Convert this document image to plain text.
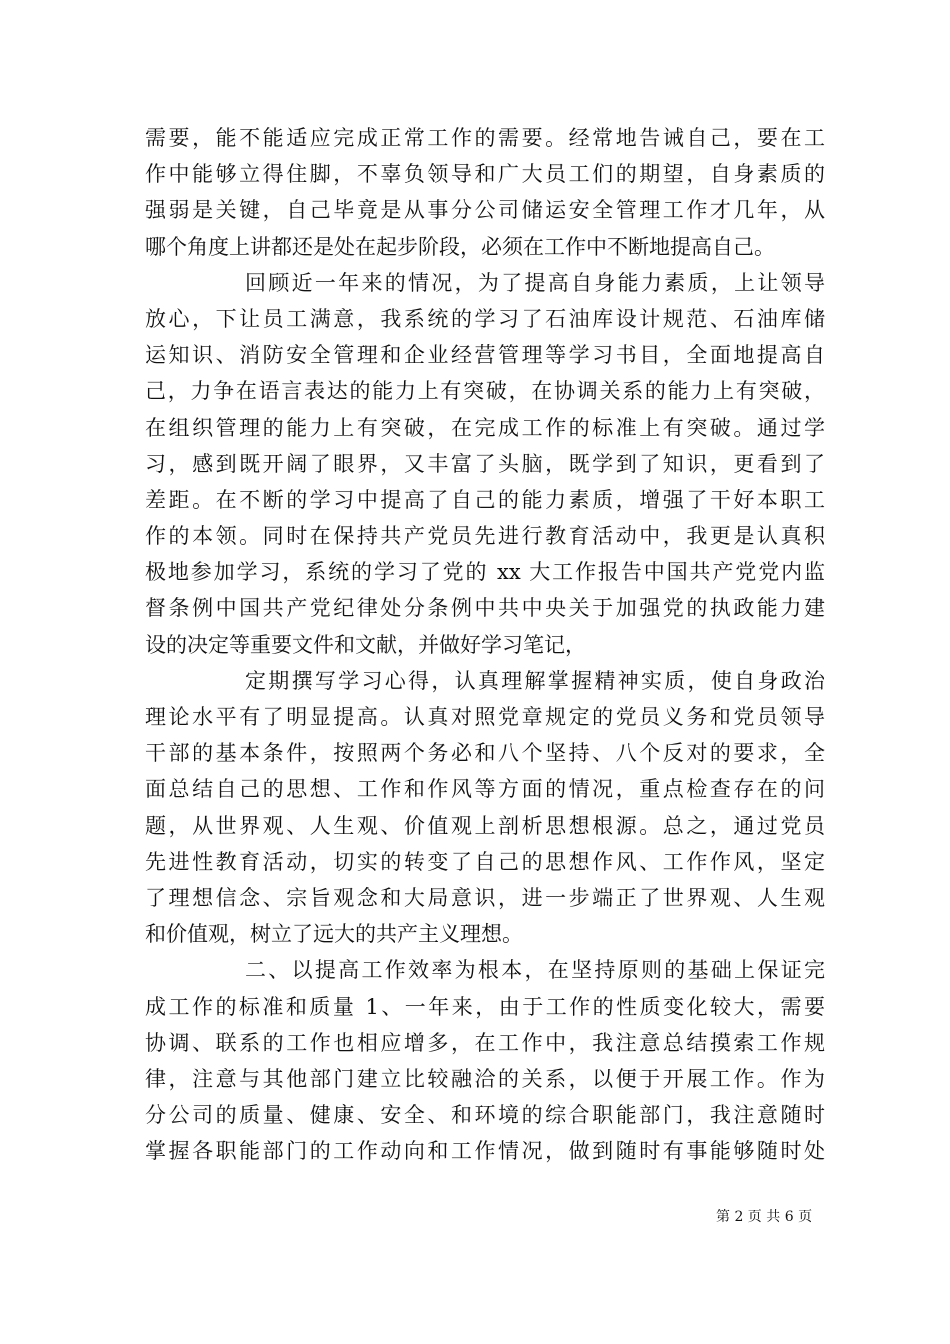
需要，能不能适应完成正常工作的需要。经常地告诫自己，要在工
作中能够立得住脚，不辜负领导和广大员工们的期望，自身素质的
强弱是关键，自己毕竟是从事分公司储运安全管理工作才几年，从
哪个角度上讲都还是处在起步阶段，必须在工作中不断地提高自己。
回顾近一年来的情况，为了提高自身能力素质，上让领导
放心，下让员工满意，我系统的学习了石油库设计规范、石油库储
运知识、消防安全管理和企业经营管理等学习书目，全面地提高自
己，力争在语言表达的能力上有突破，在协调关系的能力上有突破，
在组织管理的能力上有突破，在完成工作的标准上有突破。通过学
习，感到既开阔了眼界，又丰富了头脑，既学到了知识，更看到了
差距。在不断的学习中提高了自己的能力素质，增强了干好本职工
作的本领。同时在保持共产党员先进行教育活动中，我更是认真积
极地参加学习，系统的学习了党的 xx 大工作报告中国共产党党内监
督条例中国共产党纪律处分条例中共中央关于加强党的执政能力建
设的决定等重要文件和文献，并做好学习笔记，
定期撰写学习心得，认真理解掌握精神实质，使自身政治
理论水平有了明显提高。认真对照党章规定的党员义务和党员领导
干部的基本条件，按照两个务必和八个坚持、八个反对的要求，全
面总结自己的思想、工作和作风等方面的情况，重点检查存在的问
题，从世界观、人生观、价值观上剖析思想根源。总之，通过党员
先进性教育活动，切实的转变了自己的思想作风、工作作风，坚定
了理想信念、宗旨观念和大局意识，进一步端正了世界观、人生观
和价值观，树立了远大的共产主义理想。
二、以提高工作效率为根本，在坚持原则的基础上保证完
成工作的标准和质量 1、一年来，由于工作的性质变化较大，需要
协调、联系的工作也相应增多，在工作中，我注意总结摸索工作规
律，注意与其他部门建立比较融洽的关系，以便于开展工作。作为
分公司的质量、健康、安全、和环境的综合职能部门，我注意随时
掌握各职能部门的工作动向和工作情况，做到随时有事能够随时处
第 2 页 共 6 页
